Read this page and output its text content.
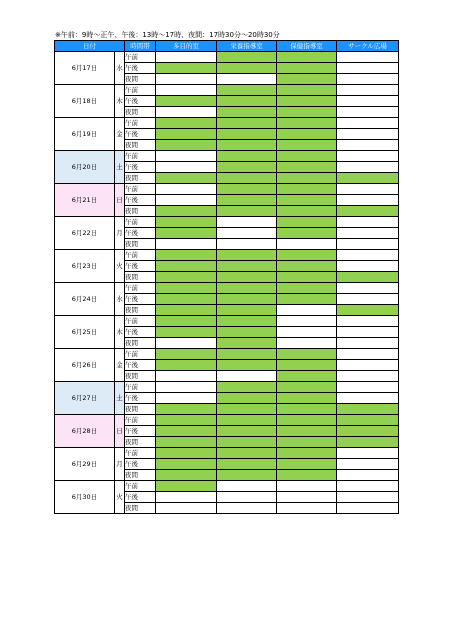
※午前：9時〜正午、午後：13時〜17時、夜間：17時30分〜20時30分
日付		時間帯	多目的室	栄養指導室	保健指導室	サークル広場
6月17日	水	午前				
		午後				
		夜間				
6月18日	木	午前				
		午後				
		夜間				
6月19日	金	午前				
		午後				
		夜間				
6月20日	土	午前				
		午後				
		夜間				
6月21日	日	午前				
		午後				
		夜間				
6月22日	月	午前				
		午後				
		夜間				
6月23日	火	午前				
		午後				
		夜間				
6月24日	水	午前				
		午後				
		夜間				
6月25日	木	午前				
		午後				
		夜間				
6月26日	金	午前				
		午後				
		夜間				
6月27日	土	午前				
		午後				
		夜間				
6月28日	日	午前				
		午後				
		夜間				
6月29日	月	午前				
		午後				
		夜間				
6月30日	火	午前				
		午後				
		夜間				
